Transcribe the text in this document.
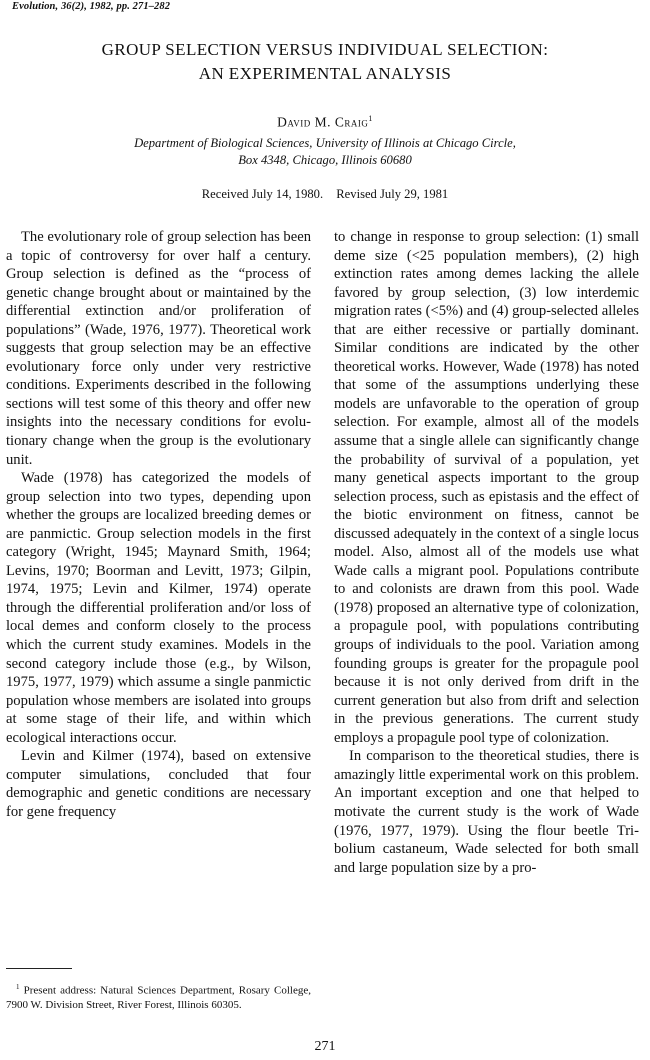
Evolution, 36(2), 1982, pp. 271–282
GROUP SELECTION VERSUS INDIVIDUAL SELECTION:
AN EXPERIMENTAL ANALYSIS
David M. Craig$^1$
Department of Biological Sciences, University of Illinois at Chicago Circle,
Box 4348, Chicago, Illinois 60680
Received July 14, 1980. Revised July 29, 1981

The evolutionary role of group selection has been a topic of controversy for over half a century. Group selection is defined as the “process of genetic change brought about or maintained by the differential extinction and/or proliferation of populations” (Wade, 1976, 1977). Theoretical work suggests that group selection may be an effective evolutionary force only under very restrictive conditions. Experiments described in the following sections will test some of this theory and offer new insights into the necessary conditions for evolutionary change when the group is the evolutionary unit.

Wade (1978) has categorized the models of group selection into two types, depending upon whether the groups are localized breeding demes or are panmictic. Group selection models in the first category (Wright, 1945; Maynard Smith, 1964; Levins, 1970; Boorman and Levitt, 1973; Gilpin, 1974, 1975; Levin and Kilmer, 1974) operate through the differential proliferation and/or loss of local demes and conform closely to the process which the current study examines. Models in the second category include those (e.g., by Wilson, 1975, 1977, 1979) which assume a single panmictic population whose members are isolated into groups at some stage of their life, and within which ecological interactions occur.

Levin and Kilmer (1974), based on extensive computer simulations, concluded that four demographic and genetic conditions are necessary for gene frequency

to change in response to group selection: (1) small deme size (<25 population members), (2) high extinction rates among demes lacking the allele favored by group selection, (3) low interdemic migration rates (<5%) and (4) group-selected alleles that are either recessive or partially dominant. Similar conditions are indicated by the other theoretical works. However, Wade (1978) has noted that some of the assumptions underlying these models are unfavorable to the operation of group selection. For example, almost all of the models assume that a single allele can significantly change the probability of survival of a population, yet many genetical aspects important to the group selection process, such as epistasis and the effect of the biotic environment on fitness, cannot be discussed adequately in the context of a single locus model. Also, almost all of the models use what Wade calls a migrant pool. Populations contribute to and colonists are drawn from this pool. Wade (1978) proposed an alternative type of colonization, a propagule pool, with populations contributing groups of individuals to the pool. Variation among founding groups is greater for the propagule pool because it is not only derived from drift in the current generation but also from drift and selection in the previous generations. The current study employs a propagule pool type of colonization.

In comparison to the theoretical studies, there is amazingly little experimental work on this problem. An important exception and one that helped to motivate the current study is the work of Wade (1976, 1977, 1979). Using the flour beetle Tribolium castaneum, Wade selected for both small and large population size by a pro-

$^1$ Present address: Natural Sciences Department, Rosary College, 7900 W. Division Street, River Forest, Illinois 60305.
271
